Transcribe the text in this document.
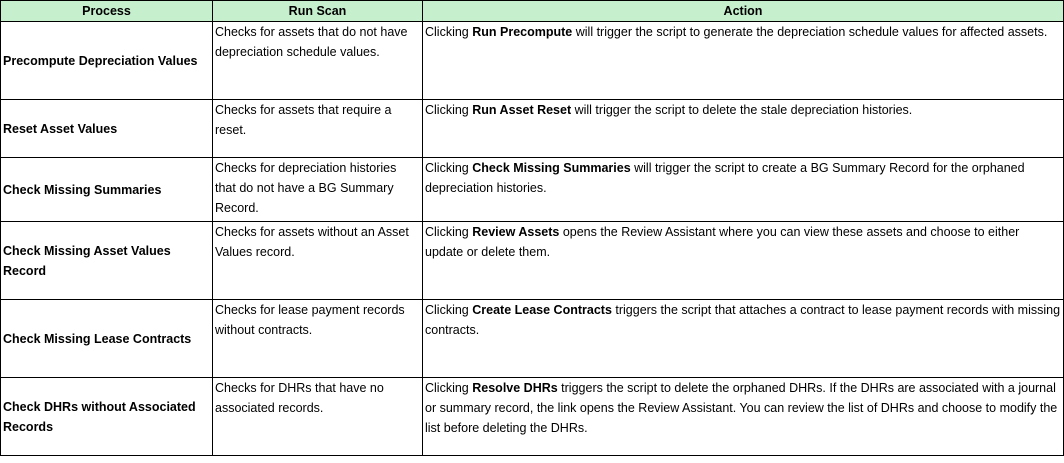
Process	Run Scan	Action
Precompute Depreciation Values	Checks for assets that do not have depreciation schedule values.	Clicking Run Precompute will trigger the script to generate the depreciation schedule values for affected assets.
Reset Asset Values	Checks for assets that require a reset.	Clicking Run Asset Reset will trigger the script to delete the stale depreciation histories.
Check Missing Summaries	Checks for depreciation histories that do not have a BG Summary Record.	Clicking Check Missing Summaries will trigger the script to create a BG Summary Record for the orphaned depreciation histories.
Check Missing Asset Values Record	Checks for assets without an Asset Values record.	Clicking Review Assets opens the Review Assistant where you can view these assets and choose to either update or delete them.
Check Missing Lease Contracts	Checks for lease payment records without contracts.	Clicking Create Lease Contracts triggers the script that attaches a contract to lease payment records with missing contracts.
Check DHRs without Associated Records	Checks for DHRs that have no associated records.	Clicking Resolve DHRs triggers the script to delete the orphaned DHRs. If the DHRs are associated with a journal or summary record, the link opens the Review Assistant. You can review the list of DHRs and choose to modify the list before deleting the DHRs.
